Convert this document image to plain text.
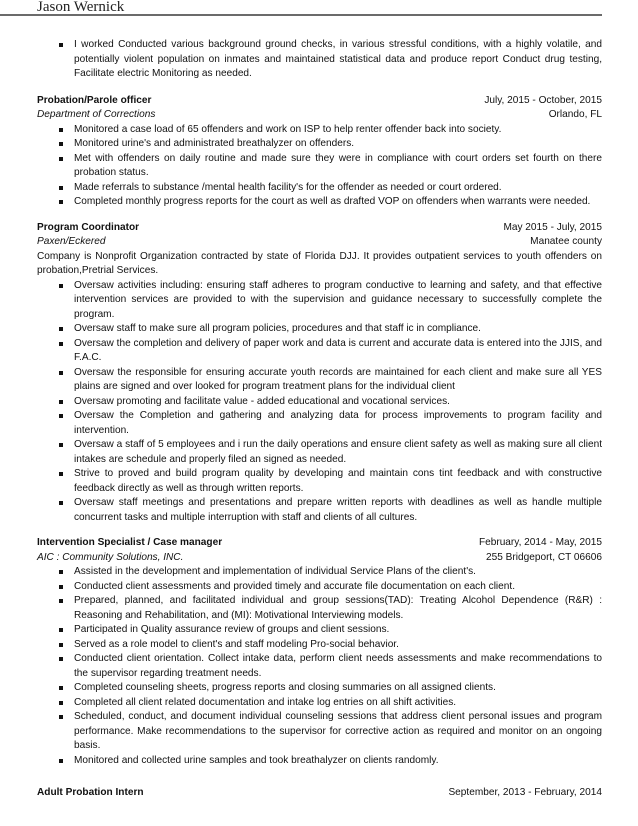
Jason Wernick
I worked Conducted various background ground checks, in various stressful conditions, with a highly volatile, and potentially violent population on inmates and maintained statistical data and produce report Conduct drug testing, Facilitate electric Monitoring as needed.
Probation/Parole officer	July, 2015 - October, 2015
Department of Corrections	Orlando, FL
Monitored a case load of 65 offenders and work on ISP to help renter offender back into society.
Monitored urine's and administrated breathalyzer on offenders.
Met with offenders on daily routine and made sure they were in compliance with court orders set fourth on there probation status.
Made referrals to substance /mental health facility's for the offender as needed or court ordered.
Completed monthly progress reports for the court as well as drafted VOP on offenders when warrants were needed.
Program Coordinator	May 2015 - July, 2015
Paxen/Eckered	Manatee county
Company is Nonprofit Organization contracted by state of Florida DJJ. It provides outpatient services to youth offenders on probation,Pretrial Services.
Oversaw activities including: ensuring staff adheres to program conductive to learning and safety, and that effective intervention services are provided to with the supervision and guidance necessary to successfully complete the program.
Oversaw staff to make sure all program policies, procedures and that staff ic in compliance.
Oversaw the completion and delivery of paper work and data is current and accurate data is entered into the JJIS, and F.A.C.
Oversaw the responsible for ensuring accurate youth records are maintained for each client and make sure all YES plains are signed and over looked for program treatment plans for the individual client
Oversaw promoting and facilitate value - added educational and vocational services.
Oversaw the Completion and gathering and analyzing data for process improvements to program facility and intervention.
Oversaw a staff of 5 employees and i run the daily operations and ensure client safety as well as making sure all client intakes are schedule and properly filed an signed as needed.
Strive to proved and build program quality by developing and maintain cons tint feedback and with constructive feedback directly as well as through written reports.
Oversaw staff meetings and presentations and prepare written reports with deadlines as well as handle multiple concurrent tasks and multiple interruption with staff and clients of all cultures.
Intervention Specialist / Case manager	February, 2014 - May, 2015
AIC : Community Solutions, INC.	255 Bridgeport, CT 06606
Assisted in the development and implementation of individual Service Plans of the client's.
Conducted client assessments and provided timely and accurate file documentation on each client.
Prepared, planned, and facilitated individual and group sessions(TAD): Treating Alcohol Dependence (R&R) : Reasoning and Rehabilitation, and (MI): Motivational Interviewing models.
Participated in Quality assurance review of groups and client sessions.
Served as a role model to client's and staff modeling Pro-social behavior.
Conducted client orientation. Collect intake data, perform client needs assessments and make recommendations to the supervisor regarding treatment needs.
Completed counseling sheets, progress reports and closing summaries on all assigned clients.
Completed all client related documentation and intake log entries on all shift activities.
Scheduled, conduct, and document individual counseling sessions that address client personal issues and program performance. Make recommendations to the supervisor for corrective action as required and monitor on an ongoing basis.
Monitored and collected urine samples and took breathalyzer on clients randomly.
Adult Probation Intern	September, 2013 - February, 2014
